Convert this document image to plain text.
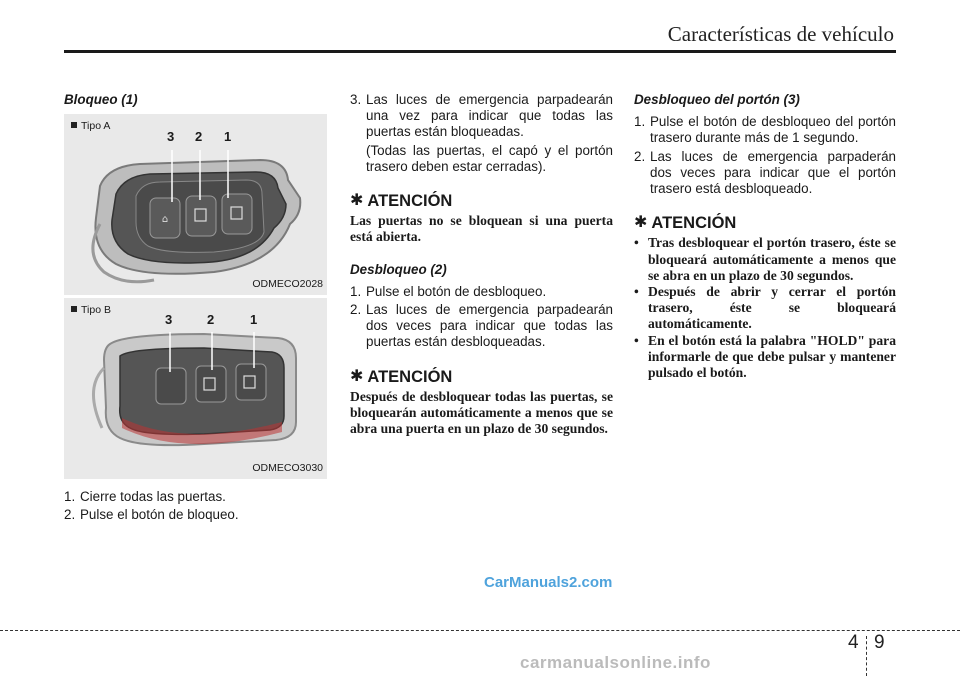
Características de vehículo
Bloqueo (1)
⌂
Tipo A
3 2 1
ODMECO2028
Tipo B
3	2	1
ODMECO3030
1. Cierre todas las puertas.
2. Pulse el botón de bloqueo.
3. Las luces de emergencia parpadearán una vez para indicar que todas las puertas están bloqueadas.

(Todas las puertas, el capó y el portón trasero deben estar cerradas).

✱ ATENCIÓN

Las puertas no se bloquean si una puerta está abierta.

Desbloqueo (2)
1. Pulse el botón de desbloqueo.
2. Las luces de emergencia parpadearán dos veces para indicar que todas las puertas están desbloqueadas.
✱ ATENCIÓN

Después de desbloquear todas las puertas, se bloquearán automáticamente a menos que se abra una puerta en un plazo de 30 segundos.

Desbloqueo del portón (3)
1. Pulse el botón de desbloqueo del portón trasero durante más de 1 segundo.
2. Las luces de emergencia parpaderán dos veces para indicar que el portón trasero está desbloqueado.
✱ ATENCIÓN
• Tras desbloquear el portón trasero, éste se bloqueará automáticamente a menos que se abra en un plazo de 30 segundos.
• Después de abrir y cerrar el portón trasero, éste se bloqueará automáticamente.
• En el botón está la palabra "HOLD" para informarle de que debe pulsar y mantener pulsado el botón.
CarManuals2.com
4 9
carmanualsonline.info
